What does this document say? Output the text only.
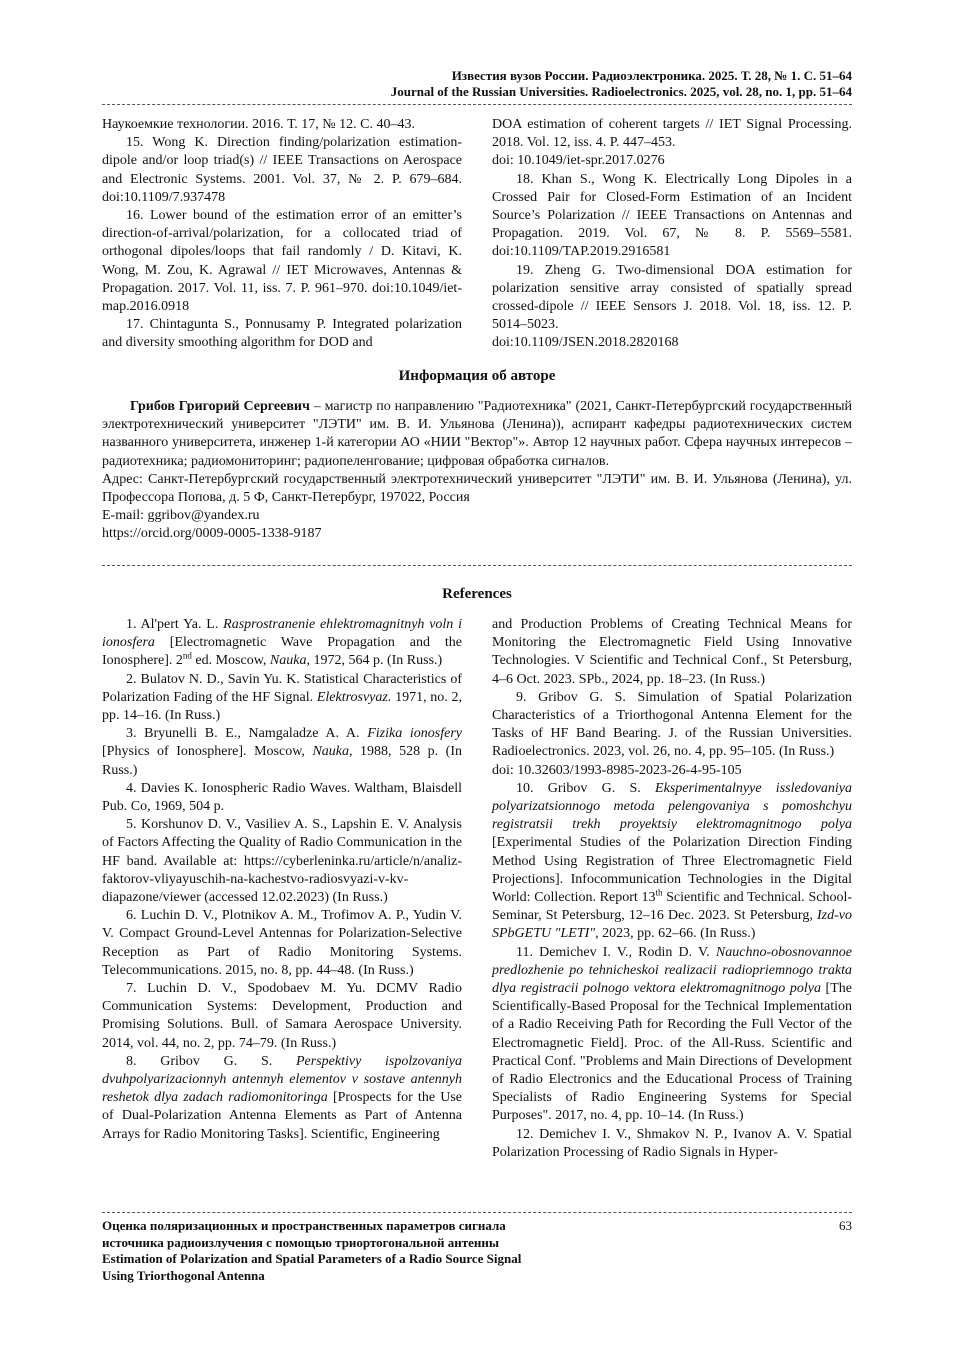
Известия вузов России. Радиоэлектроника. 2025. Т. 28, № 1. С. 51–64
Journal of the Russian Universities. Radioelectronics. 2025, vol. 28, no. 1, pp. 51–64

Наукоемкие технологии. 2016. Т. 17, № 12. С. 40–43.

15. Wong K. Direction finding/polarization estimation-dipole and/or loop triad(s) // IEEE Transactions on Aerospace and Electronic Systems. 2001. Vol. 37, № 2. P. 679–684. doi:10.1109/7.937478

16. Lower bound of the estimation error of an emitter’s direction-of-arrival/polarization, for a collocated triad of orthogonal dipoles/loops that fail randomly / D. Kitavi, K. Wong, M. Zou, K. Agrawal // IET Microwaves, Antennas & Propagation. 2017. Vol. 11, iss. 7. P. 961–970. doi:10.1049/iet-map.2016.0918

17. Chintagunta S., Ponnusamy P. Integrated polarization and diversity smoothing algorithm for DOD and

DOA estimation of coherent targets // IET Signal Processing. 2018. Vol. 12, iss. 4. P. 447–453.

doi: 10.1049/iet-spr.2017.0276

18. Khan S., Wong K. Electrically Long Dipoles in a Crossed Pair for Closed-Form Estimation of an Incident Source’s Polarization // IEEE Transactions on Antennas and Propagation. 2019. Vol. 67, № 8. P. 5569–5581. doi:10.1109/TAP.2019.2916581

19. Zheng G. Two-dimensional DOA estimation for polarization sensitive array consisted of spatially spread crossed-dipole // IEEE Sensors J. 2018. Vol. 18, iss. 12. P. 5014–5023.

doi:10.1109/JSEN.2018.2820168

Информация об авторе

Грибов Григорий Сергеевич – магистр по направлению "Радиотехника" (2021, Санкт-Петербургский государственный электротехнический университет "ЛЭТИ" им. В. И. Ульянова (Ленина)), аспирант кафедры радиотехнических систем названного университета, инженер 1-й категории АО «НИИ "Вектор"». Автор 12 научных работ. Сфера научных интересов – радиотехника; радиомониторинг; радиопеленгование; цифровая обработка сигналов.

Адрес: Санкт-Петербургский государственный электротехнический университет "ЛЭТИ" им. В. И. Ульянова (Ленина), ул. Профессора Попова, д. 5 Ф, Санкт-Петербург, 197022, Россия

E-mail: ggribov@yandex.ru

https://orcid.org/0009-0005-1338-9187

References

1. Al'pert Ya. L. Rasprostranenie ehlektromagnitnyh voln i ionosfera [Electromagnetic Wave Propagation and the Ionosphere]. 2nd ed. Moscow, Nauka, 1972, 564 p. (In Russ.)

2. Bulatov N. D., Savin Yu. K. Statistical Characteristics of Polarization Fading of the HF Signal. Elektrosvyaz. 1971, no. 2, pp. 14–16. (In Russ.)

3. Bryunelli B. E., Namgaladze A. A. Fizika ionosfery [Physics of Ionosphere]. Moscow, Nauka, 1988, 528 p. (In Russ.)

4. Davies K. Ionospheric Radio Waves. Waltham, Blaisdell Pub. Co, 1969, 504 p.

5. Korshunov D. V., Vasiliev A. S., Lapshin E. V. Analysis of Factors Affecting the Quality of Radio Communication in the HF band. Available at: https://cyberleninka.ru/article/n/analiz-faktorov-vliyayuschih-na-kachestvo-radiosvyazi-v-kv-diapazone/viewer (accessed 12.02.2023) (In Russ.)

6. Luchin D. V., Plotnikov A. M., Trofimov A. P., Yudin V. V. Compact Ground-Level Antennas for Polarization-Selective Reception as Part of Radio Monitoring Systems. Telecommunications. 2015, no. 8, pp. 44–48. (In Russ.)

7. Luchin D. V., Spodobaev M. Yu. DCMV Radio Communication Systems: Development, Production and Promising Solutions. Bull. of Samara Aerospace University. 2014, vol. 44, no. 2, pp. 74–79. (In Russ.)

8. Gribov G. S. Perspektivy ispolzovaniya dvuhpolyarizacionnyh antennyh elementov v sostave antennyh reshetok dlya zadach radiomonitoringa [Prospects for the Use of Dual-Polarization Antenna Elements as Part of Antenna Arrays for Radio Monitoring Tasks]. Scientific, Engineering

and Production Problems of Creating Technical Means for Monitoring the Electromagnetic Field Using Innovative Technologies. V Scientific and Technical Conf., St Petersburg, 4–6 Oct. 2023. SPb., 2024, pp. 18–23. (In Russ.)

9. Gribov G. S. Simulation of Spatial Polarization Characteristics of a Triorthogonal Antenna Element for the Tasks of HF Band Bearing. J. of the Russian Universities. Radioelectronics. 2023, vol. 26, no. 4, pp. 95–105. (In Russ.)

doi: 10.32603/1993-8985-2023-26-4-95-105

10. Gribov G. S. Eksperimentalnyye issledovaniya polyarizatsionnogo metoda pelengovaniya s pomoshchyu registratsii trekh proyektsiy elektromagnitnogo polya [Experimental Studies of the Polarization Direction Finding Method Using Registration of Three Electromagnetic Field Projections]. Infocommunication Technologies in the Digital World: Collection. Report 13th Scientific and Technical. School-Seminar, St Petersburg, 12–16 Dec. 2023. St Petersburg, Izd-vo SPbGETU "LETI", 2023, pp. 62–66. (In Russ.)

11. Demichev I. V., Rodin D. V. Nauchno-obosnovannoe predlozhenie po tehnicheskoi realizacii radiopriemnogo trakta dlya registracii polnogo vektora elektromagnitnogo polya [The Scientifically-Based Proposal for the Technical Implementation of a Radio Receiving Path for Recording the Full Vector of the Electromagnetic Field]. Proc. of the All-Russ. Scientific and Practical Conf. "Problems and Main Directions of Development of Radio Electronics and the Educational Process of Training Specialists of Radio Engineering Systems for Special Purposes". 2017, no. 4, pp. 10–14. (In Russ.)

12. Demichev I. V., Shmakov N. P., Ivanov A. V. Spatial Polarization Processing of Radio Signals in Hyper-

Оценка поляризационных и пространственных параметров сигнала
источника радиоизлучения с помощью триортогональной антенны
Estimation of Polarization and Spatial Parameters of a Radio Source Signal
Using Triorthogonal Antenna
63
